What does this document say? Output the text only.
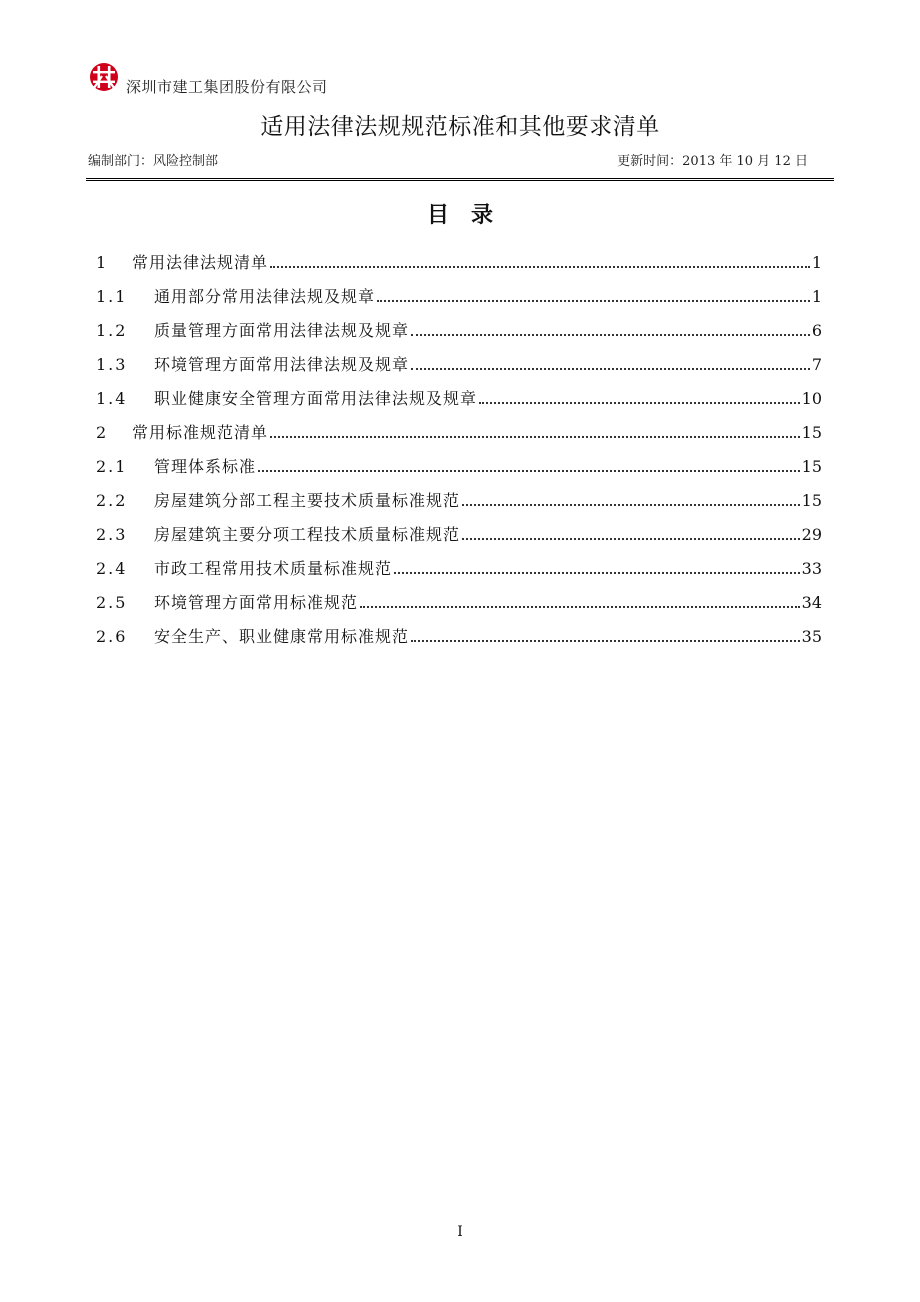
深圳市建工集团股份有限公司
适用法律法规规范标准和其他要求清单
编制部门：风险控制部	更新时间：2013 年 10 月 12 日
目录
1	常用法律法规清单	1
1.1	通用部分常用法律法规及规章	1
1.2	质量管理方面常用法律法规及规章	6
1.3	环境管理方面常用法律法规及规章	7
1.4	职业健康安全管理方面常用法律法规及规章	10
2	常用标准规范清单	15
2.1	管理体系标准	15
2.2	房屋建筑分部工程主要技术质量标准规范	15
2.3	房屋建筑主要分项工程技术质量标准规范	29
2.4	市政工程常用技术质量标准规范	33
2.5	环境管理方面常用标准规范	34
2.6	安全生产、职业健康常用标准规范	35
I
